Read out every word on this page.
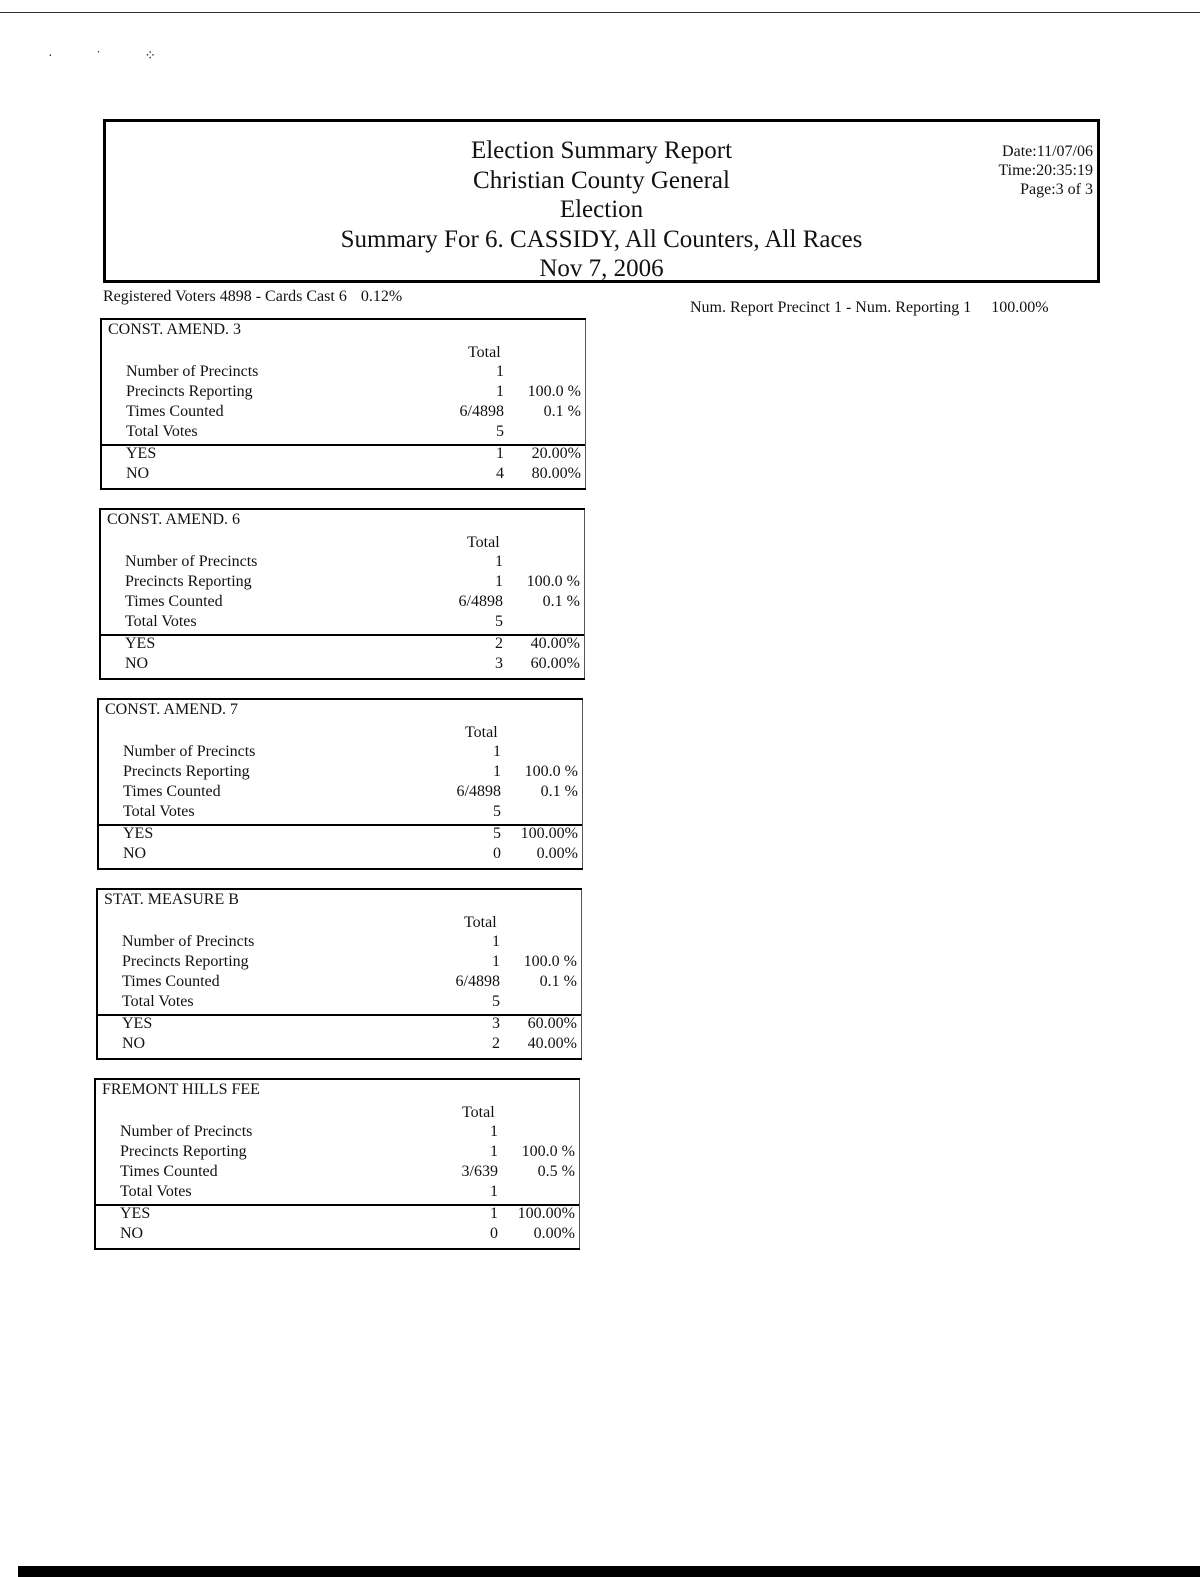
· ˙ ⁘
Election Summary Report
Christian County General
Election
Summary For 6. CASSIDY, All Counters, All Races
Nov 7, 2006
Date:11/07/06
Time:20:35:19
Page:3 of 3
Registered Voters 4898 - Cards Cast 6 0.12%
Num. Report Precinct 1 - Num. Reporting 1 100.00%
CONST. AMEND. 3
Total
Number of Precincts	1
Precincts Reporting	1 100.0 %
Times Counted	6/4898 0.1 %
Total Votes	5
YES	1 20.00%
NO	4 80.00%
CONST. AMEND. 6
Total
Number of Precincts	1
Precincts Reporting	1 100.0 %
Times Counted	6/4898 0.1 %
Total Votes	5
YES	2 40.00%
NO	3 60.00%
CONST. AMEND. 7
Total
Number of Precincts	1
Precincts Reporting	1 100.0 %
Times Counted	6/4898 0.1 %
Total Votes	5
YES	5 100.00%
NO	0 0.00%
STAT. MEASURE B
Total
Number of Precincts	1
Precincts Reporting	1 100.0 %
Times Counted	6/4898 0.1 %
Total Votes	5
YES	3 60.00%
NO	2 40.00%
FREMONT HILLS FEE
Total
Number of Precincts	1
Precincts Reporting	1 100.0 %
Times Counted	3/639 0.5 %
Total Votes	1
YES	1 100.00%
NO	0 0.00%
